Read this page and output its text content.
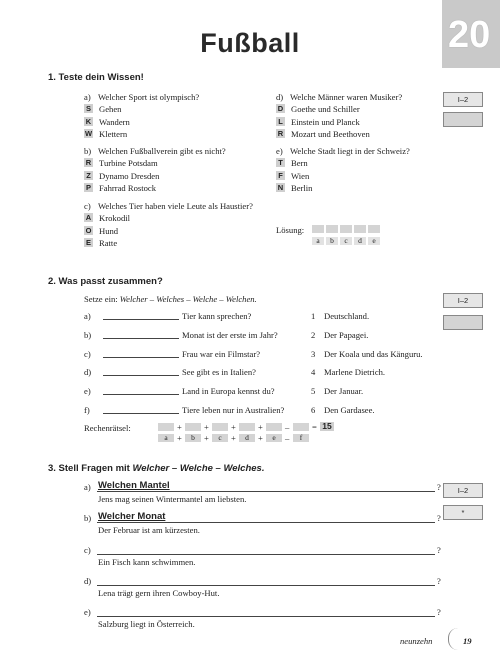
Fußball	20
1. Teste dein Wissen!
I–2
Lösung:
2. Was passt zusammen?
Setze ein: Welcher – Welches – Welche – Welchen.	I–2
Rechenrätsel:
3. Stell Fragen mit Welcher – Welche – Welches.
I–2
*
neunzehn	19
a) Welcher Sport ist olympisch?
S Gehen
K Wandern
W Klettern
b) Welchen Fußballverein gibt es nicht?
R Turbine Potsdam
Z Dynamo Dresden
P Fahrrad Rostock
c) Welches Tier haben viele Leute als Haustier?
A Krokodil
O Hund
E Ratte
d) Welche Männer waren Musiker?
D Goethe und Schiller
L Einstein und Planck
R Mozart und Beethoven
e) Welche Stadt liegt in der Schweiz?
T Bern
F Wien
N Berlin
a	b	c	d	e
a)	Tier kann sprechen?	1 Deutschland.
b)	Monat ist der erste im Jahr?	2 Der Papagei.
c)	Frau war ein Filmstar?	3 Der Koala und das Känguru.
d)	See gibt es in Italien?	4 Marlene Dietrich.
e)	Land in Europa kennst du?	5 Der Januar.
f)	Tiere leben nur in Australien?	6 Den Gardasee.
+	+	+	+	–	= 15
a	+	b	+	c	+	d	+	e	–	f
a) Welchen Mantel	?
Jens mag seinen Wintermantel am liebsten.
b) Welcher Monat	?
Der Februar ist am kürzesten.
c)	?
Ein Fisch kann schwimmen.
d)	?
Lena trägt gern ihren Cowboy-Hut.
e)	?
Salzburg liegt in Österreich.
